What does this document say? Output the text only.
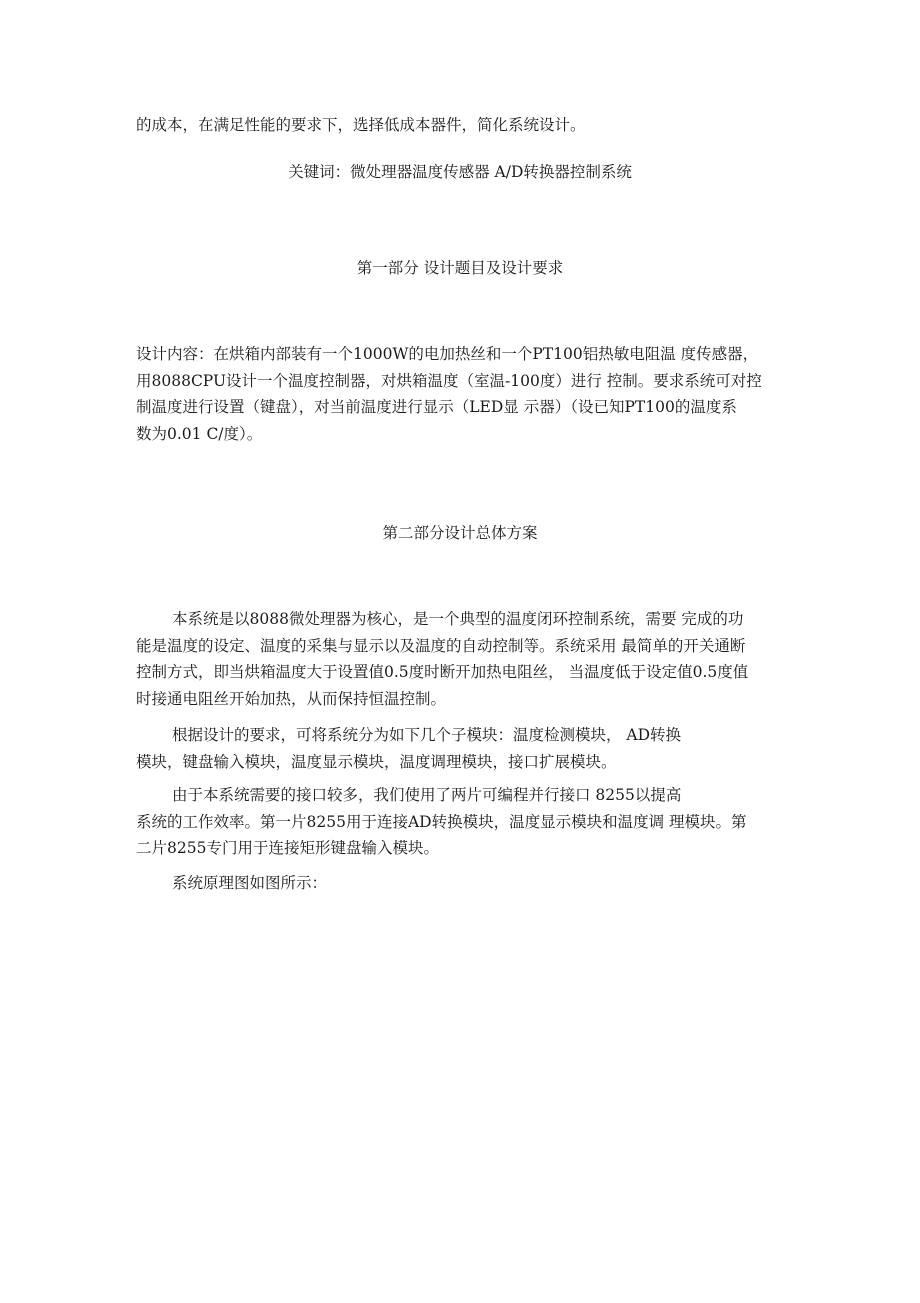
的成本，在满足性能的要求下，选择低成本器件，简化系统设计。

关键词：微处理器温度传感器 A/D转换器控制系统

第一部分 设计题目及设计要求

设计内容：在烘箱内部装有一个1000W的电加热丝和一个PT100铝热敏电阻温 度传感器，
用8088CPU设计一个温度控制器，对烘箱温度（室温-100度）进行 控制。要求系统可对控
制温度进行设置（键盘），对当前温度进行显示（LED显 示器）（设已知PT100的温度系
数为0.01 C/度）。

第二部分设计总体方案

本系统是以8088微处理器为核心，是一个典型的温度闭环控制系统，需要 完成的功
能是温度的设定、温度的采集与显示以及温度的自动控制等。系统采用 最简单的开关通断
控制方式，即当烘箱温度大于设置值0.5度时断开加热电阻丝， 当温度低于设定值0.5度值
时接通电阻丝开始加热，从而保持恒温控制。
根据设计的要求，可将系统分为如下几个子模块：温度检测模块， AD转换
模块，键盘输入模块，温度显示模块，温度调理模块，接口扩展模块。
由于本系统需要的接口较多，我们使用了两片可编程并行接口 8255以提高
系统的工作效率。第一片8255用于连接AD转换模块，温度显示模块和温度调 理模块。第
二片8255专门用于连接矩形键盘输入模块。

系统原理图如图所示：
